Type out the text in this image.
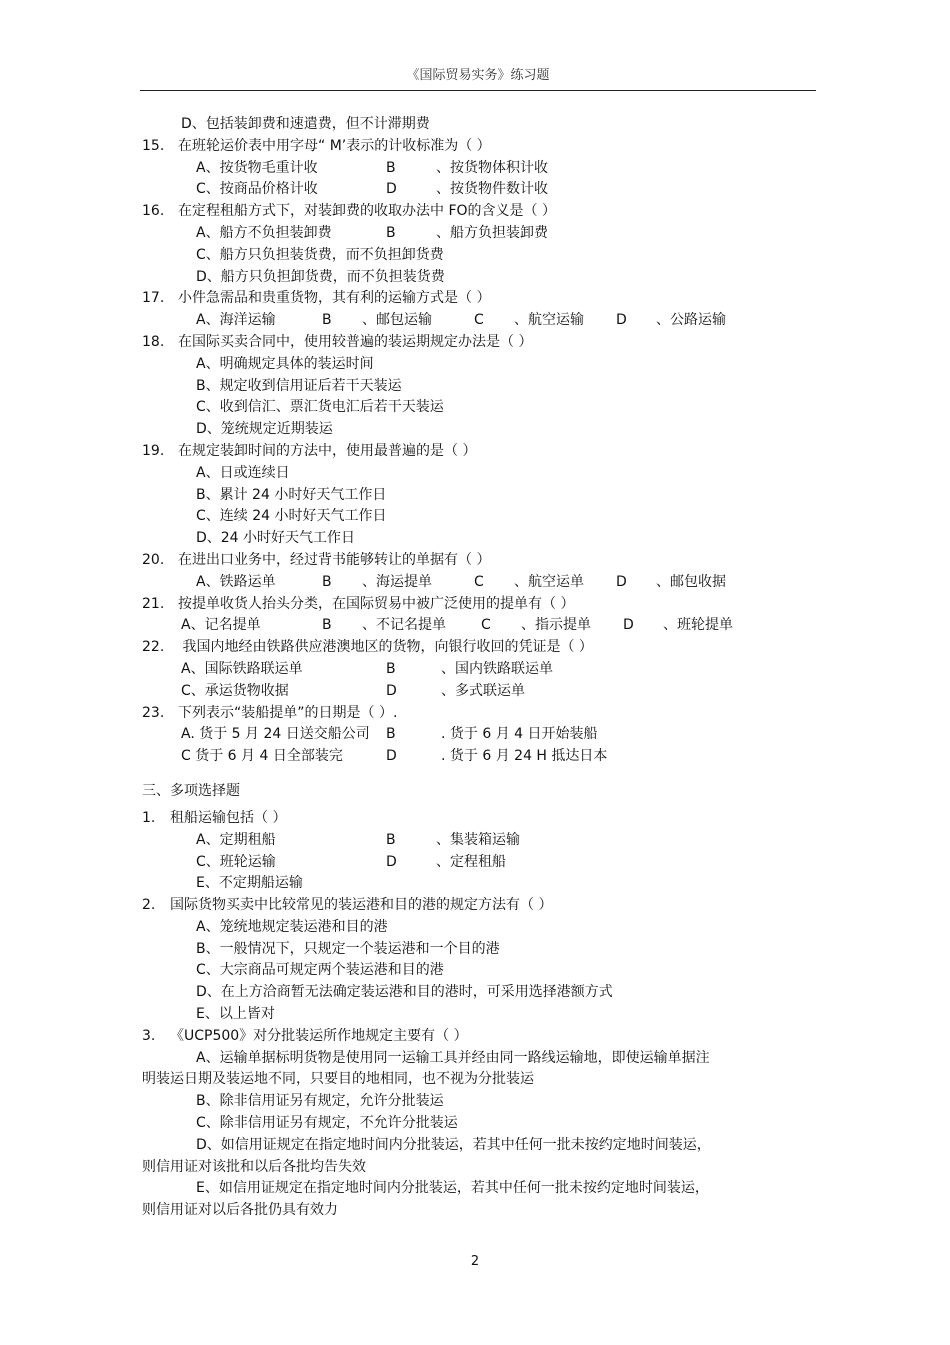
《国际贸易实务》练习题
D、包括装卸费和速遣费，但不计滞期费
15. 在班轮运价表中用字母“ M’表示的计收标准为（ ）
A、按货物毛重计收	B	、按货物体积计收
C、按商品价格计收	D	、按货物件数计收
16. 在定程租船方式下，对装卸费的收取办法中 FO的含义是（ ）
A、船方不负担装卸费	B	、船方负担装卸费
C、船方只负担装货费，而不负担卸货费
D、船方只负担卸货费，而不负担装货费
17. 小件急需品和贵重货物，其有利的运输方式是（ ）
A、海洋运输	B 、邮包运输	C 、航空运输 D 、公路运输
18. 在国际买卖合同中，使用较普遍的装运期规定办法是（ ）
A、明确规定具体的装运时间
B、规定收到信用证后若干天装运
C、收到信汇、票汇货电汇后若干天装运
D、笼统规定近期装运
19. 在规定装卸时间的方法中，使用最普遍的是（ ）
A、日或连续日
B、累计 24 小时好天气工作日
C、连续 24 小时好天气工作日
D、24 小时好天气工作日
20. 在进出口业务中，经过背书能够转让的单据有（ ）
A、铁路运单	B 、海运提单	C 、航空运单 D 、邮包收据
21. 按提单收货人抬头分类，在国际贸易中被广泛使用的提单有（ ）
A、记名提单	B 、不记名提单	C 、指示提单 D 、班轮提单
22. 我国内地经由铁路供应港澳地区的货物，向银行收回的凭证是（ ）
A、国际铁路联运单	B	、国内铁路联运单
C、承运货物收据	D	、多式联运单
23. 下列表示“装船提单”的日期是（ ）.
A. 货于 5 月 24 日送交船公司 B	. 货于 6 月 4 日开始装船
C 货于 6 月 4 日全部装完	D	. 货于 6 月 24 H 抵达日本
三、多项选择题
1. 租船运输包括（ ）
A、定期租船	B	、集装箱运输
C、班轮运输	D	、定程租船
E、不定期船运输
2. 国际货物买卖中比较常见的装运港和目的港的规定方法有（ ）
A、笼统地规定装运港和目的港
B、一般情况下，只规定一个装运港和一个目的港
C、大宗商品可规定两个装运港和目的港
D、在上方洽商暂无法确定装运港和目的港时，可采用选择港额方式
E、以上皆对
3. 《UCP500》对分批装运所作地规定主要有（ ）
A、运输单据标明货物是使用同一运输工具并经由同一路线运输地，即使运输单据注
明装运日期及装运地不同，只要目的地相同，也不视为分批装运
B、除非信用证另有规定，允许分批装运
C、除非信用证另有规定，不允许分批装运
D、如信用证规定在指定地时间内分批装运，若其中任何一批未按约定地时间装运，
则信用证对该批和以后各批均告失效
E、如信用证规定在指定地时间内分批装运，若其中任何一批未按约定地时间装运，
则信用证对以后各批仍具有效力
2
